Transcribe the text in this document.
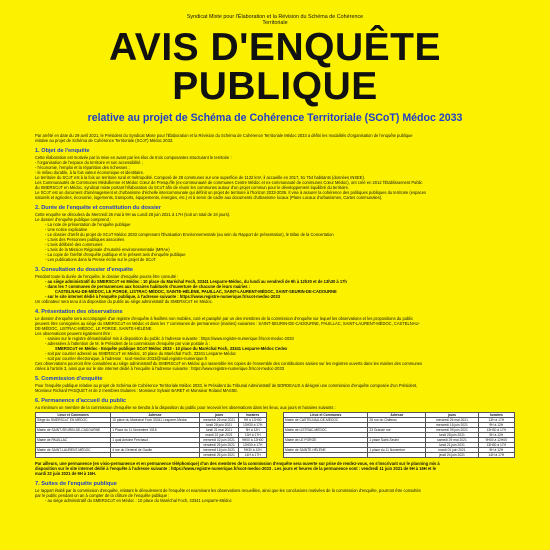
Syndicat Mixte pour l'Élaboration et la Révision du Schéma de Cohérence
Territoriale
AVIS D'ENQUÊTE
PUBLIQUE
relative au projet de Schéma de Cohérence Territoriale (SCoT) Médoc 2033
Par arrêté en date du 29 avril 2021, le Président du Syndicat Mixte pour l'Élaboration et la Révision du Schéma de Cohérence Territoriale Médoc 2033 a défini les modalités d'organisation de l'enquête publique
relative au projet de Schéma de Cohérence Territoriale (SCoT) Médoc 2033.
1. Objet de l'enquête
Cette élaboration est motivée par la mise en avant par les élus de trois composantes structurant le territoire :
- l'organisation de l'espace du territoire et son accessibilité ;
- l'économie, l'emploi et la répartition des richesses ;
- le milieu durable, à la fois valeur économique et identitaire.
Le territoire du SCoT est à la fois un territoire rural et métropolité. Composé de 28 communes sur une superficie de 1132 km², il accueille en 2017, 51 754 habitants (données INSEE).
Les Communautés de Communes Médullienne et Médoc Cœur de Presqu'île (ex-communauté de communes Centre Médoc et ex-communauté de communes Cœur Médoc), ont créé en 2012 l'Établissement Public
du SMERSCoT en Médoc, syndicat mixte portant l'élaboration du SCoT afin de réunir les communes autour d'un projet commun pour le développement équilibré du territoire.
Le SCoT est un document d'aménagement et d'urbanisme d'échelle intercommunale qui définit un projet de territoire à l'horizon 2033-2036. Il vise à assurer la cohérence des politiques publiques du territoire (espaces
naturels et agricoles, économie, logements, transports, équipements, énergies, etc.) et à servir de cadre aux documents d'urbanisme locaux (Plans Locaux d'urbanismes, Cartes communales).
2. Durée de l'enquête et constitution du dossier
Cette enquête se déroulera du Mercredi 26 mai à 9H au Lundi 28 juin 2021 à 17H (soit un total de 34 jours).
Le dossier d'enquête publique comprend :
- La note de présentation de l'enquête publique
- Une notice explicative
- Le dossier d'arrêt du projet de SCoT Médoc 2033 comprenant l'Évaluation Environnementale (au sein du Rapport de présentation), le Bilan de la Concertation
- L'avis des Personnes publiques associées
- L'avis délibéré des communes
- L'avis de la Mission Régionale d'Autorité environnementale (MRAe)
- La copie de l'arrêté d'enquête publique et le présent avis d'enquête publique
- Les publications dans la Presse écrite sur le projet de SCoT
3. Consultation du dossier d'enquête
Pendant toute la durée de l'enquête, le dossier d'enquête pourra être consulté :
- au siège administratif du SMERSCoT en Médoc : 10 place du Maréchal Foch, 33341 Lesparre-Médoc, du lundi au vendredi de 9h à 12h30 et de 13h30 à 17h
- dans les 7 communes de permanences aux horaires habituels d'ouverture de chacune de leurs mairies :
CASTELNAU-DE-MÉDOC, LE PORGE, LISTRAC-MÉDOC, SAINTE-HÉLÈNE, PAUILLAC, SAINT-LAURENT-MÉDOC, SAINT-SEURIN-DE-CADOURNE
- sur le site internet dédié à l'enquête publique, à l'adresse suivante : https://www.registre-numerique.fr/scot-medoc-2033
Un ordinateur sera tenu à la disposition du public au siège administratif du SMERSCoT en Médoc.
4. Présentation des observations
Le dossier d'enquête sera accompagné d'un registre d'enquête à feuillets non mobiles, coté et paraphé par un des membres de la commission d'enquête sur lequel les observations et les propositions du public
peuvent être consignées au siège du SMERSCoT en Médoc et dans les 7 communes de permanence (mairies) suivantes : SAINT-SEURIN-DE-CADOURNE, PAUILLAC, SAINT-LAURENT-MÉDOC, CASTELNAU-
DE-MÉDOC, LISTRAC-MÉDOC, LE PORGE, SAINTE-HÉLÈNE.
Les observations peuvent également être :
- saisies sur le registre dématérialisé mis à disposition du public à l'adresse suivante : https://www.registre-numerique.fr/scot-medoc-2033
- adressées à l'attention de M. le Président de la commission d'enquête par voie postale à :
SMERSCoT en Médoc - Enquête publique SCoT Médoc 2033 - 10 place du Maréchal Foch, 33341 Lesparre-Médoc Cedex
- soit par courrier adressé au SMERSCoT en Médoc, 10 place du Maréchal Foch, 33341 Lesparre-Médoc
- soit par courrier électronique, à l'adresse : scot-medoc-2033@mail.registre-numerique.fr
Ces observations pourront être consultées au siège administratif du SMERSCoT en Médoc qui rassemble les copies de l'ensemble des contributions saisies sur les registres ouverts dans les mairies des communes
citées à l'article 3, ainsi que sur le site internet dédié à l'enquête à l'adresse suivante : https://www.registre-numerique.fr/scot-medoc-2033
5. Commission d'enquête
Pour l'enquête publique relative au projet de Schéma de Cohérence Territoriale Médoc 2033, le Président du Tribunal Administratif de BORDEAUX a désigné une commission d'enquête composée d'un Président,
Monsieur Richard PASQUET et de 2 membres titulaires : Monsieur Sylvain BARET et Monsieur Roland MASSE.
6. Permanence d'accueil du public
Au minimum un membre de la commission d'enquête se tiendra à la disposition du public pour recevoir les observations dans les lieux, aux jours et horaires suivants :
Lieux et Communes	Adresse	jours	horaires
Siège du SMERSCoT EN MÉDOC	10 place du Maréchal Foch 33341 Lesparre-Médoc	mercredi 26 mai 2021	9H à 12H00
		lundi 28 juin 2021	13H30 à 17H
Mairie de SAINT-SEURIN-DE-CADOURNE	1 Place du 11 Novembre 1918	lundi 31 mai 2021	9H à 12H
		mardi 22 juin 2021	13H à 17H
Mairie de PAUILLAC	1 quai Antoine Ferchaud	mercredi 02 juin 2021	9H00 à 12H00
		vendredi 25 juin 2021	13H30 à 17H
Mairie de SAINT-LAURENT-MÉDOC	4 rue du Général de Gaulle	mercredi 16 juin 2021	9H30 à 12H
		vendredi 25 juin 2021	14H à 17H
Lieux et Communes	Adresse	jours	horaires
Mairie de CASTELNAU-DE-MÉDOC	26 rue du Château	mercredi 26 mai 2021	13H à 17H
		mercredi 16 juin 2021	9H à 12H
Mairie de LISTRAC-MÉDOC	23 Grande rue	mercredi 09 juin 2021	13H30 à 17H
		lundi 28 juin 2021	9H à 12H
Mairie de LE PORGE	1 place Saint-Seurin	samedi 29 mai 2021	9H00 à 12H00
		lundi 21 juin 2021	13H30 à 17H
Mairie de SAINTE-HÉLÈNE	1 place du 11 Novembre	mardi 01 juin 2021	9H à 12H
		jeudi 24 juin 2021	14H à 17H
Par ailleurs, une permanence (en visio-permanence et en permanence téléphonique) d'un des membres de la commission d'enquête sera ouverte sur prise de rendez-vous, en s'inscrivant sur le planning mis à
disposition sur le site internet dédié à l'enquête à l'adresse suivante : https://www.registre-numerique.fr/scot-medoc-2033 . Les jours et heures de la permanence sont : vendredi 11 juin 2021 de 9H à 16H et le
mardi 22 juin 2021 de 9H à 16H.
7. Suites de l'enquête publique
Le rapport établi par la commission d'enquête, relatant le déroulement de l'enquête et examinant les observations recueillies, ainsi que les conclusions motivées de la commission d'enquête, pourront être consultés
par le public pendant un an à compter de la clôture de l'enquête publique :
- au siège administratif du SMERSCoT en Médoc : 10 place du Maréchal Foch, 33341 Lesparre-Médoc
